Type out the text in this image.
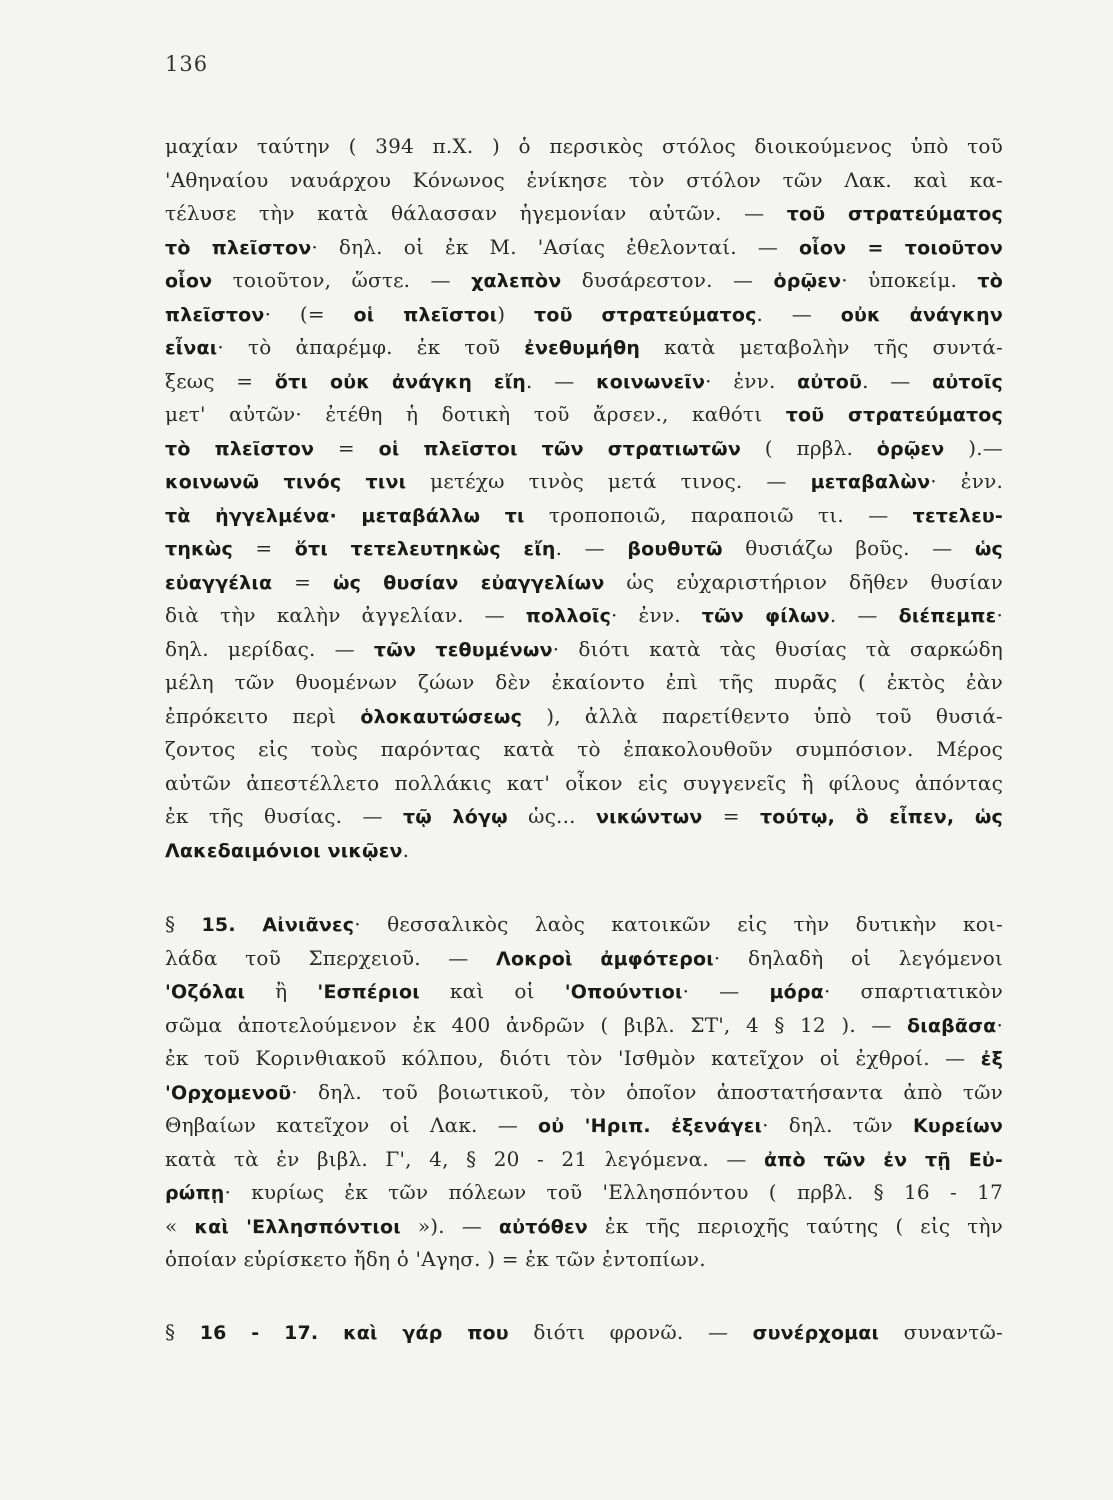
136
μαχίαν ταύτην ( 394 π.Χ. ) ὁ περσικὸς στόλος διοικούμενος ὑπὸ τοῦ
'Αθηναίου ναυάρχου Κόνωνος ἐνίκησε τὸν στόλον τῶν Λακ. καὶ κα-
τέλυσε τὴν κατὰ θάλασσαν ἡγεμονίαν αὐτῶν. — τοῦ στρατεύματος
τὸ πλεῖστον· δηλ. οἱ ἐκ Μ. 'Ασίας ἐθελονταί. — οἷον = τοιοῦτον
οἷον τοιοῦτον, ὥστε. — χαλεπὸν δυσάρεστον. — ὁρῷεν· ὑποκείμ. τὸ
πλεῖστον· (= οἱ πλεῖστοι) τοῦ στρατεύματος. — οὐκ ἀνάγκην
εἶναι· τὸ ἀπαρέμφ. ἐκ τοῦ ἐνεθυμήθη κατὰ μεταβολὴν τῆς συντά-
ξεως = ὅτι οὐκ ἀνάγκη εἴη. — κοινωνεῖν· ἐνν. αὐτοῦ. — αὐτοῖς
μετ' αὐτῶν· ἐτέθη ἡ δοτικὴ τοῦ ἄρσεν., καθότι τοῦ στρατεύματος
τὸ πλεῖστον = οἱ πλεῖστοι τῶν στρατιωτῶν ( πρβλ. ὁρῷεν ).—
κοινωνῶ τινός τινι μετέχω τινὸς μετά τινος. — μεταβαλὼν· ἐνν.
τὰ ἠγγελμένα· μεταβάλλω τι τροποποιῶ, παραποιῶ τι. — τετελευ-
τηκὼς = ὅτι τετελευτηκὼς εἴη. — βουθυτῶ θυσιάζω βοῦς. — ὡς
εὐαγγέλια = ὡς θυσίαν εὐαγγελίων ὡς εὐχαριστήριον δῆθεν θυσίαν
διὰ τὴν καλὴν ἀγγελίαν. — πολλοῖς· ἐνν. τῶν φίλων. — διέπεμπε·
δηλ. μερίδας. — τῶν τεθυμένων· διότι κατὰ τὰς θυσίας τὰ σαρκώδη
μέλη τῶν θυομένων ζώων δὲν ἐκαίοντο ἐπὶ τῆς πυρᾶς ( ἐκτὸς ἐὰν
ἐπρόκειτο περὶ ὁλοκαυτώσεως ), ἀλλὰ παρετίθεντο ὑπὸ τοῦ θυσιά-
ζοντος εἰς τοὺς παρόντας κατὰ τὸ ἐπακολουθοῦν συμπόσιον. Μέρος
αὐτῶν ἀπεστέλλετο πολλάκις κατ' οἶκον εἰς συγγενεῖς ἢ φίλους ἀπόντας
ἐκ τῆς θυσίας. — τῷ λόγῳ ὡς... νικώντων = τούτῳ, ὃ εἶπεν, ὡς
Λακεδαιμόνιοι νικῷεν.
§ 15. Αἰνιᾶνες· θεσσαλικὸς λαὸς κατοικῶν εἰς τὴν δυτικὴν κοι-
λάδα τοῦ Σπερχειοῦ. — Λοκροὶ ἀμφότεροι· δηλαδὴ οἱ λεγόμενοι
'Οζόλαι ἢ 'Εσπέριοι καὶ οἱ 'Οπούντιοι· — μόρα· σπαρτιατικὸν
σῶμα ἀποτελούμενον ἐκ 400 ἀνδρῶν ( βιβλ. ΣΤ', 4 § 12 ). — διαβᾶσα·
ἐκ τοῦ Κορινθιακοῦ κόλπου, διότι τὸν 'Ισθμὸν κατεῖχον οἱ ἐχθροί. — ἐξ
'Ορχομενοῦ· δηλ. τοῦ βοιωτικοῦ, τὸν ὁποῖον ἀποστατήσαντα ἀπὸ τῶν
Θηβαίων κατεῖχον οἱ Λακ. — οὐ 'Ηριπ. ἐξενάγει· δηλ. τῶν Κυρείων
κατὰ τὰ ἐν βιβλ. Γ', 4, § 20 - 21 λεγόμενα. — ἀπὸ τῶν ἐν τῇ Εὐ-
ρώπῃ· κυρίως ἐκ τῶν πόλεων τοῦ 'Ελλησπόντου ( πρβλ. § 16 - 17
« καὶ 'Ελλησπόντιοι »). — αὐτόθεν ἐκ τῆς περιοχῆς ταύτης ( εἰς τὴν
ὁποίαν εὑρίσκετο ἤδη ὁ 'Αγησ. ) = ἐκ τῶν ἐντοπίων.
§ 16 - 17. καὶ γάρ που διότι φρονῶ. — συνέρχομαι συναντῶ-
